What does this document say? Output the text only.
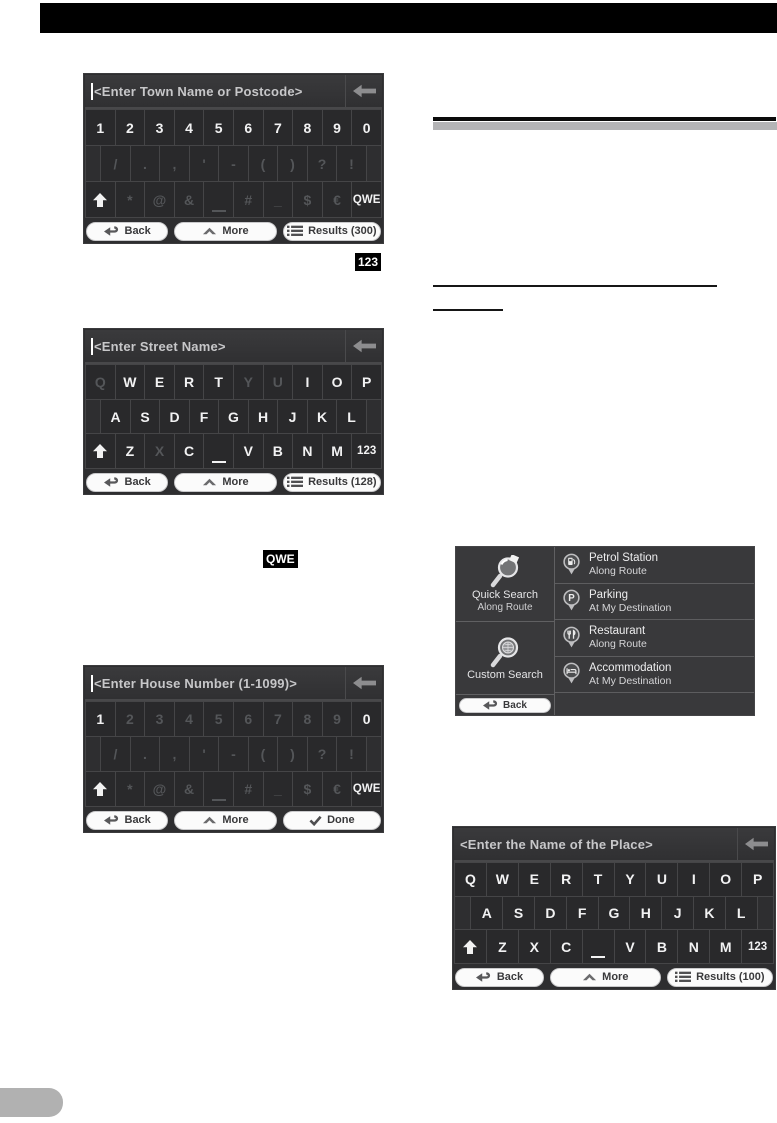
123
QWE
<Enter Town Name or Postcode>
1 2 3 4 5 6 7 8 9 0
/ . , ' - ( ) ? !
* @ &	# _ $ € QWE
Back	More	Results (300)
<Enter Street Name>
Q W E R T Y U I O P
A S D F G H J K L
Z X C	V B N M 123
Back	More	Results (128)
<Enter House Number (1-1099)>
1 2 3 4 5 6 7 8 9 0
/ . , ' - ( ) ? !
* @ &	# _ $ € QWE
Back	More	Done
<Enter the Name of the Place>
Q W E R T Y U I O P
A S D F G H J K L
Z X C	V B N M 123
Back	More	Results (100)
Quick Search
Along Route
Custom Search
Back
Petrol Station
Along Route
P Parking
At My Destination
Restaurant
Along Route
Accommodation
At My Destination
